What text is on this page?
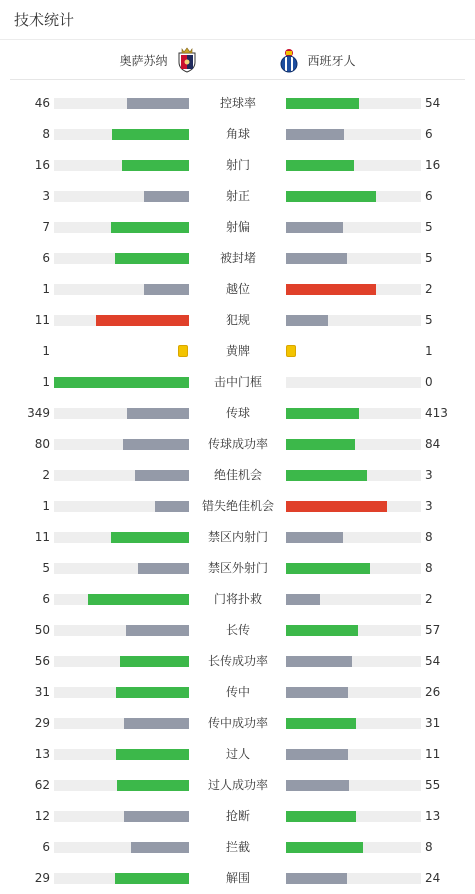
技术统计
奥萨苏纳	西班牙人
46	控球率	54
8	角球	6
16	射门	16
3	射正	6
7	射偏	5
6	被封堵	5
1	越位	2
11	犯规	5
1	黄牌	1
1	击中门框	0
349	传球	413
80	传球成功率	84
2	绝佳机会	3
1	错失绝佳机会	3
11	禁区内射门	8
5	禁区外射门	8
6	门将扑救	2
50	长传	57
56	长传成功率	54
31	传中	26
29	传中成功率	31
13	过人	11
62	过人成功率	55
12	抢断	13
6	拦截	8
29	解围	24
